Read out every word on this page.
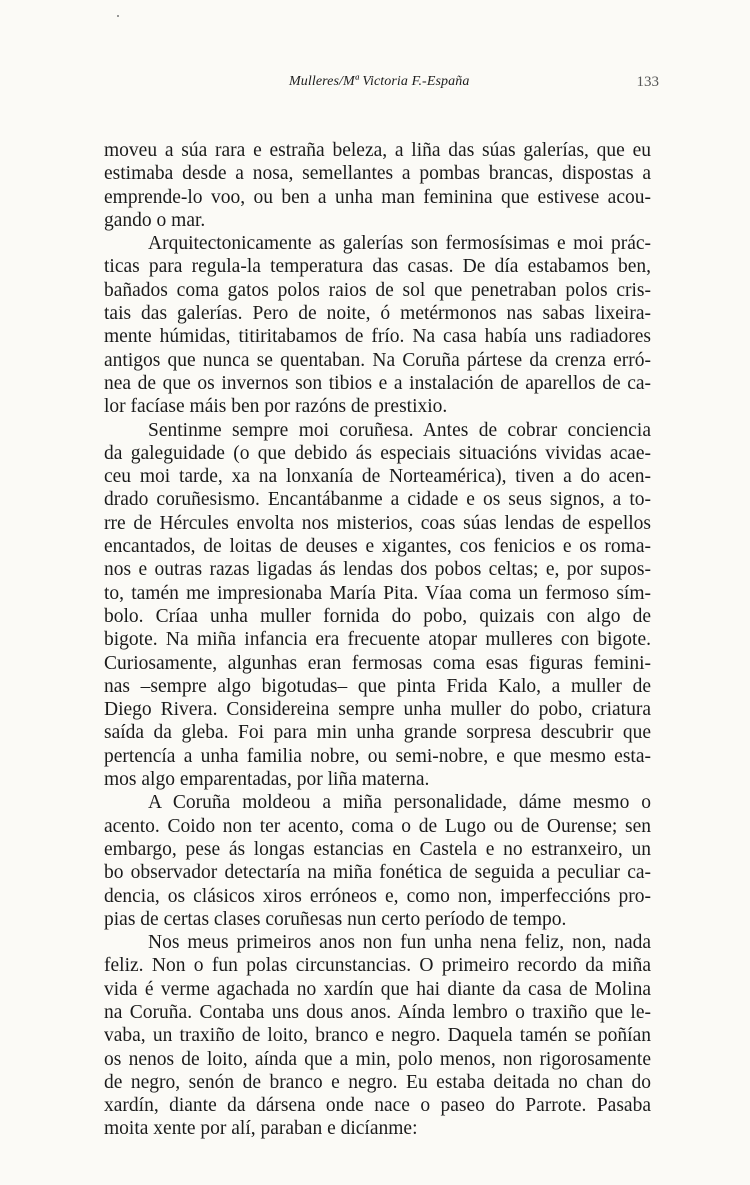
Mulleres/Mª Victoria F.-España	133
moveu a súa rara e estraña beleza, a liña das súas galerías, que eu
estimaba desde a nosa, semellantes a pombas brancas, dispostas a
emprende-lo voo, ou ben a unha man feminina que estivese acou-
gando o mar.
Arquitectonicamente as galerías son fermosísimas e moi prác-
ticas para regula-la temperatura das casas. De día estabamos ben,
bañados coma gatos polos raios de sol que penetraban polos cris-
tais das galerías. Pero de noite, ó metérmonos nas sabas lixeira-
mente húmidas, titiritabamos de frío. Na casa había uns radiadores
antigos que nunca se quentaban. Na Coruña pártese da crenza erró-
nea de que os invernos son tibios e a instalación de aparellos de ca-
lor facíase máis ben por razóns de prestixio.
Sentinme sempre moi coruñesa. Antes de cobrar conciencia
da galeguidade (o que debido ás especiais situacións vividas acae-
ceu moi tarde, xa na lonxanía de Norteamérica), tiven a do acen-
drado coruñesismo. Encantábanme a cidade e os seus signos, a to-
rre de Hércules envolta nos misterios, coas súas lendas de espellos
encantados, de loitas de deuses e xigantes, cos fenicios e os roma-
nos e outras razas ligadas ás lendas dos pobos celtas; e, por supos-
to, tamén me impresionaba María Pita. Víaa coma un fermoso sím-
bolo. Críaa unha muller fornida do pobo, quizais con algo de
bigote. Na miña infancia era frecuente atopar mulleres con bigote.
Curiosamente, algunhas eran fermosas coma esas figuras femini-
nas –sempre algo bigotudas– que pinta Frida Kalo, a muller de
Diego Rivera. Considereina sempre unha muller do pobo, criatura
saída da gleba. Foi para min unha grande sorpresa descubrir que
pertencía a unha familia nobre, ou semi-nobre, e que mesmo esta-
mos algo emparentadas, por liña materna.
A Coruña moldeou a miña personalidade, dáme mesmo o
acento. Coido non ter acento, coma o de Lugo ou de Ourense; sen
embargo, pese ás longas estancias en Castela e no estranxeiro, un
bo observador detectaría na miña fonética de seguida a peculiar ca-
dencia, os clásicos xiros erróneos e, como non, imperfeccións pro-
pias de certas clases coruñesas nun certo período de tempo.
Nos meus primeiros anos non fun unha nena feliz, non, nada
feliz. Non o fun polas circunstancias. O primeiro recordo da miña
vida é verme agachada no xardín que hai diante da casa de Molina
na Coruña. Contaba uns dous anos. Aínda lembro o traxiño que le-
vaba, un traxiño de loito, branco e negro. Daquela tamén se poñían
os nenos de loito, aínda que a min, polo menos, non rigorosamente
de negro, senón de branco e negro. Eu estaba deitada no chan do
xardín, diante da dársena onde nace o paseo do Parrote. Pasaba
moita xente por alí, paraban e dicíanme:
